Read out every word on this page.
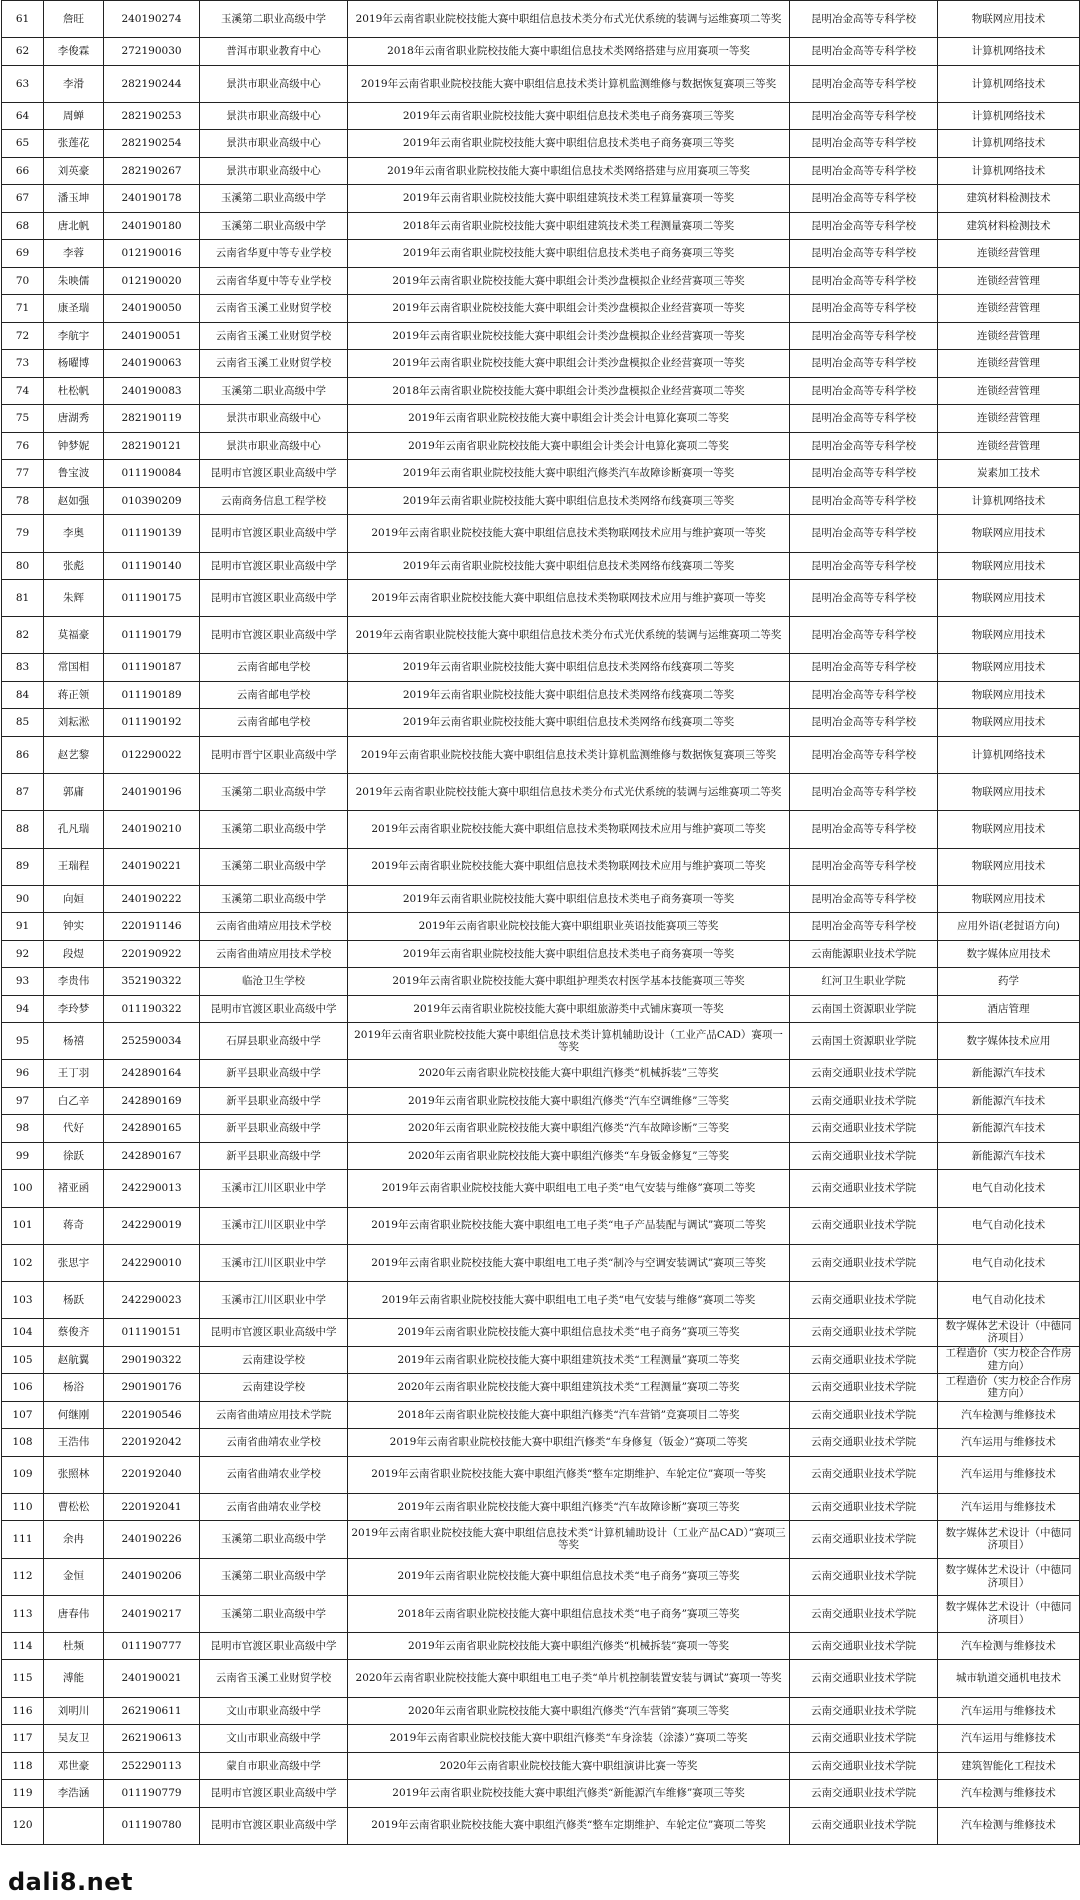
61	詹旺	240190274	玉溪第二职业高级中学	2019年云南省职业院校技能大赛中职组信息技术类分布式光伏系统的装调与运维赛项二等奖	昆明冶金高等专科学校	物联网应用技术
62	李俊霖	272190030	普洱市职业教育中心	2018年云南省职业院校技能大赛中职组信息技术类网络搭建与应用赛项一等奖	昆明冶金高等专科学校	计算机网络技术
63	李滑	282190244	景洪市职业高级中心	2019年云南省职业院校技能大赛中职组信息技术类计算机监测维修与数据恢复赛项三等奖	昆明冶金高等专科学校	计算机网络技术
64	周蝉	282190253	景洪市职业高级中心	2019年云南省职业院校技能大赛中职组信息技术类电子商务赛项三等奖	昆明冶金高等专科学校	计算机网络技术
65	张莲花	282190254	景洪市职业高级中心	2019年云南省职业院校技能大赛中职组信息技术类电子商务赛项三等奖	昆明冶金高等专科学校	计算机网络技术
66	刘英豪	282190267	景洪市职业高级中心	2019年云南省职业院校技能大赛中职组信息技术类网络搭建与应用赛项三等奖	昆明冶金高等专科学校	计算机网络技术
67	潘玉坤	240190178	玉溪第二职业高级中学	2019年云南省职业院校技能大赛中职组建筑技术类工程算量赛项一等奖	昆明冶金高等专科学校	建筑材料检测技术
68	唐北帆	240190180	玉溪第二职业高级中学	2018年云南省职业院校技能大赛中职组建筑技术类工程测量赛项二等奖	昆明冶金高等专科学校	建筑材料检测技术
69	李蓉	012190016	云南省华夏中等专业学校	2019年云南省职业院校技能大赛中职组信息技术类电子商务赛项三等奖	昆明冶金高等专科学校	连锁经营管理
70	朱映儒	012190020	云南省华夏中等专业学校	2019年云南省职业院校技能大赛中职组会计类沙盘模拟企业经营赛项三等奖	昆明冶金高等专科学校	连锁经营管理
71	康圣瑞	240190050	云南省玉溪工业财贸学校	2019年云南省职业院校技能大赛中职组会计类沙盘模拟企业经营赛项一等奖	昆明冶金高等专科学校	连锁经营管理
72	李航宇	240190051	云南省玉溪工业财贸学校	2019年云南省职业院校技能大赛中职组会计类沙盘模拟企业经营赛项一等奖	昆明冶金高等专科学校	连锁经营管理
73	杨曜博	240190063	云南省玉溪工业财贸学校	2019年云南省职业院校技能大赛中职组会计类沙盘模拟企业经营赛项一等奖	昆明冶金高等专科学校	连锁经营管理
74	杜松帆	240190083	玉溪第二职业高级中学	2018年云南省职业院校技能大赛中职组会计类沙盘模拟企业经营赛项二等奖	昆明冶金高等专科学校	连锁经营管理
75	唐湖秀	282190119	景洪市职业高级中心	2019年云南省职业院校技能大赛中职组会计类会计电算化赛项二等奖	昆明冶金高等专科学校	连锁经营管理
76	钟梦妮	282190121	景洪市职业高级中心	2019年云南省职业院校技能大赛中职组会计类会计电算化赛项二等奖	昆明冶金高等专科学校	连锁经营管理
77	鲁宝波	011190084	昆明市官渡区职业高级中学	2019年云南省职业院校技能大赛中职组汽修类汽车故障诊断赛项一等奖	昆明冶金高等专科学校	炭素加工技术
78	赵如强	010390209	云南商务信息工程学校	2019年云南省职业院校技能大赛中职组信息技术类网络布线赛项三等奖	昆明冶金高等专科学校	计算机网络技术
79	李奥	011190139	昆明市官渡区职业高级中学	2019年云南省职业院校技能大赛中职组信息技术类物联网技术应用与维护赛项一等奖	昆明冶金高等专科学校	物联网应用技术
80	张彪	011190140	昆明市官渡区职业高级中学	2019年云南省职业院校技能大赛中职组信息技术类网络布线赛项二等奖	昆明冶金高等专科学校	物联网应用技术
81	朱辉	011190175	昆明市官渡区职业高级中学	2019年云南省职业院校技能大赛中职组信息技术类物联网技术应用与维护赛项一等奖	昆明冶金高等专科学校	物联网应用技术
82	莫福豪	011190179	昆明市官渡区职业高级中学	2019年云南省职业院校技能大赛中职组信息技术类分布式光伏系统的装调与运维赛项二等奖	昆明冶金高等专科学校	物联网应用技术
83	常国相	011190187	云南省邮电学校	2019年云南省职业院校技能大赛中职组信息技术类网络布线赛项二等奖	昆明冶金高等专科学校	物联网应用技术
84	蒋正领	011190189	云南省邮电学校	2019年云南省职业院校技能大赛中职组信息技术类网络布线赛项二等奖	昆明冶金高等专科学校	物联网应用技术
85	刘耘淞	011190192	云南省邮电学校	2019年云南省职业院校技能大赛中职组信息技术类网络布线赛项二等奖	昆明冶金高等专科学校	物联网应用技术
86	赵艺黎	012290022	昆明市晋宁区职业高级中学	2019年云南省职业院校技能大赛中职组信息技术类计算机监测维修与数据恢复赛项三等奖	昆明冶金高等专科学校	计算机网络技术
87	郭庸	240190196	玉溪第二职业高级中学	2019年云南省职业院校技能大赛中职组信息技术类分布式光伏系统的装调与运维赛项二等奖	昆明冶金高等专科学校	物联网应用技术
88	孔凡瑞	240190210	玉溪第二职业高级中学	2019年云南省职业院校技能大赛中职组信息技术类物联网技术应用与维护赛项二等奖	昆明冶金高等专科学校	物联网应用技术
89	王瑞程	240190221	玉溪第二职业高级中学	2019年云南省职业院校技能大赛中职组信息技术类物联网技术应用与维护赛项二等奖	昆明冶金高等专科学校	物联网应用技术
90	向姮	240190222	玉溪第二职业高级中学	2019年云南省职业院校技能大赛中职组信息技术类电子商务赛项一等奖	昆明冶金高等专科学校	物联网应用技术
91	钟实	220191146	云南省曲靖应用技术学校	2019年云南省职业院校技能大赛中职组职业英语技能赛项三等奖	昆明冶金高等专科学校	应用外语(老挝语方向)
92	段煜	220190922	云南省曲靖应用技术学校	2019年云南省职业院校技能大赛中职组信息技术类电子商务赛项一等奖	云南能源职业技术学院	数字媒体应用技术
93	李贵伟	352190322	临沧卫生学校	2019年云南省职业院校技能大赛中职组护理类农村医学基本技能赛项三等奖	红河卫生职业学院	药学
94	李玲梦	011190322	昆明市官渡区职业高级中学	2019年云南省职业院校技能大赛中职组旅游类中式铺床赛项一等奖	云南国土资源职业学院	酒店管理
95	杨禧	252590034	石屏县职业高级中学	2019年云南省职业院校技能大赛中职组信息技术类计算机辅助设计（工业产品CAD）赛项一等奖	云南国土资源职业学院	数字媒体技术应用
96	王丁羽	242890164	新平县职业高级中学	2020年云南省职业院校技能大赛中职组汽修类“机械拆装”三等奖	云南交通职业技术学院	新能源汽车技术
97	白乙辛	242890169	新平县职业高级中学	2019年云南省职业院校技能大赛中职组汽修类“汽车空调维修”三等奖	云南交通职业技术学院	新能源汽车技术
98	代好	242890165	新平县职业高级中学	2020年云南省职业院校技能大赛中职组汽修类“汽车故障诊断”三等奖	云南交通职业技术学院	新能源汽车技术
99	徐跃	242890167	新平县职业高级中学	2020年云南省职业院校技能大赛中职组汽修类“车身钣金修复”三等奖	云南交通职业技术学院	新能源汽车技术
100	褚亚函	242290013	玉溪市江川区职业中学	2019年云南省职业院校技能大赛中职组电工电子类“电气安装与维修”赛项二等奖	云南交通职业技术学院	电气自动化技术
101	蒋奇	242290019	玉溪市江川区职业中学	2019年云南省职业院校技能大赛中职组电工电子类“电子产品装配与调试”赛项二等奖	云南交通职业技术学院	电气自动化技术
102	张思宇	242290010	玉溪市江川区职业中学	2019年云南省职业院校技能大赛中职组电工电子类“制冷与空调安装调试”赛项三等奖	云南交通职业技术学院	电气自动化技术
103	杨跃	242290023	玉溪市江川区职业中学	2019年云南省职业院校技能大赛中职组电工电子类“电气安装与维修”赛项二等奖	云南交通职业技术学院	电气自动化技术
104	蔡俊齐	011190151	昆明市官渡区职业高级中学	2019年云南省职业院校技能大赛中职组信息技术类“电子商务”赛项三等奖	云南交通职业技术学院	数字媒体艺术设计（中德同济项目）
105	赵航翼	290190322	云南建设学校	2019年云南省职业院校技能大赛中职组建筑技术类“工程测量”赛项二等奖	云南交通职业技术学院	工程造价（实力校企合作房建方向）
106	杨浴	290190176	云南建设学校	2020年云南省职业院校技能大赛中职组建筑技术类“工程测量”赛项二等奖	云南交通职业技术学院	工程造价（实力校企合作房建方向）
107	何继刚	220190546	云南省曲靖应用技术学院	2018年云南省职业院校技能大赛中职组汽修类“汽车营销”竞赛项目二等奖	云南交通职业技术学院	汽车检测与维修技术
108	王浩伟	220192042	云南省曲靖农业学校	2019年云南省职业院校技能大赛中职组汽修类“车身修复（钣金）”赛项二等奖	云南交通职业技术学院	汽车运用与维修技术
109	张照林	220192040	云南省曲靖农业学校	2019年云南省职业院校技能大赛中职组汽修类“整车定期维护、车轮定位”赛项一等奖	云南交通职业技术学院	汽车运用与维修技术
110	曹松松	220192041	云南省曲靖农业学校	2019年云南省职业院校技能大赛中职组汽修类“汽车故障诊断”赛项三等奖	云南交通职业技术学院	汽车运用与维修技术
111	余冉	240190226	玉溪第二职业高级中学	2019年云南省职业院校技能大赛中职组信息技术类“计算机辅助设计（工业产品CAD）”赛项三等奖	云南交通职业技术学院	数字媒体艺术设计（中德同济项目）
112	金恒	240190206	玉溪第二职业高级中学	2019年云南省职业院校技能大赛中职组信息技术类“电子商务”赛项三等奖	云南交通职业技术学院	数字媒体艺术设计（中德同济项目）
113	唐春伟	240190217	玉溪第二职业高级中学	2018年云南省职业院校技能大赛中职组信息技术类“电子商务”赛项三等奖	云南交通职业技术学院	数字媒体艺术设计（中德同济项目）
114	杜频	011190777	昆明市官渡区职业高级中学	2019年云南省职业院校技能大赛中职组汽修类“机械拆装”赛项一等奖	云南交通职业技术学院	汽车检测与维修技术
115	溥能	240190021	云南省玉溪工业财贸学校	2020年云南省职业院校技能大赛中职组电工电子类“单片机控制装置安装与调试”赛项一等奖	云南交通职业技术学院	城市轨道交通机电技术
116	刘明川	262190611	文山市职业高级中学	2020年云南省职业院校技能大赛中职组汽修类“汽车营销”赛项三等奖	云南交通职业技术学院	汽车运用与维修技术
117	吴友卫	262190613	文山市职业高级中学	2019年云南省职业院校技能大赛中职组汽修类“车身涂装（涂漆）”赛项二等奖	云南交通职业技术学院	汽车运用与维修技术
118	邓世豪	252290113	蒙自市职业高级中学	2020年云南省职业院校技能大赛中职组演讲比赛一等奖	云南交通职业技术学院	建筑智能化工程技术
119	李浩涵	011190779	昆明市官渡区职业高级中学	2019年云南省职业院校技能大赛中职组汽修类“新能源汽车维修”赛项三等奖	云南交通职业技术学院	汽车检测与维修技术
120		011190780	昆明市官渡区职业高级中学	2019年云南省职业院校技能大赛中职组汽修类“整车定期维护、车轮定位”赛项二等奖	云南交通职业技术学院	汽车检测与维修技术
dali8.net
